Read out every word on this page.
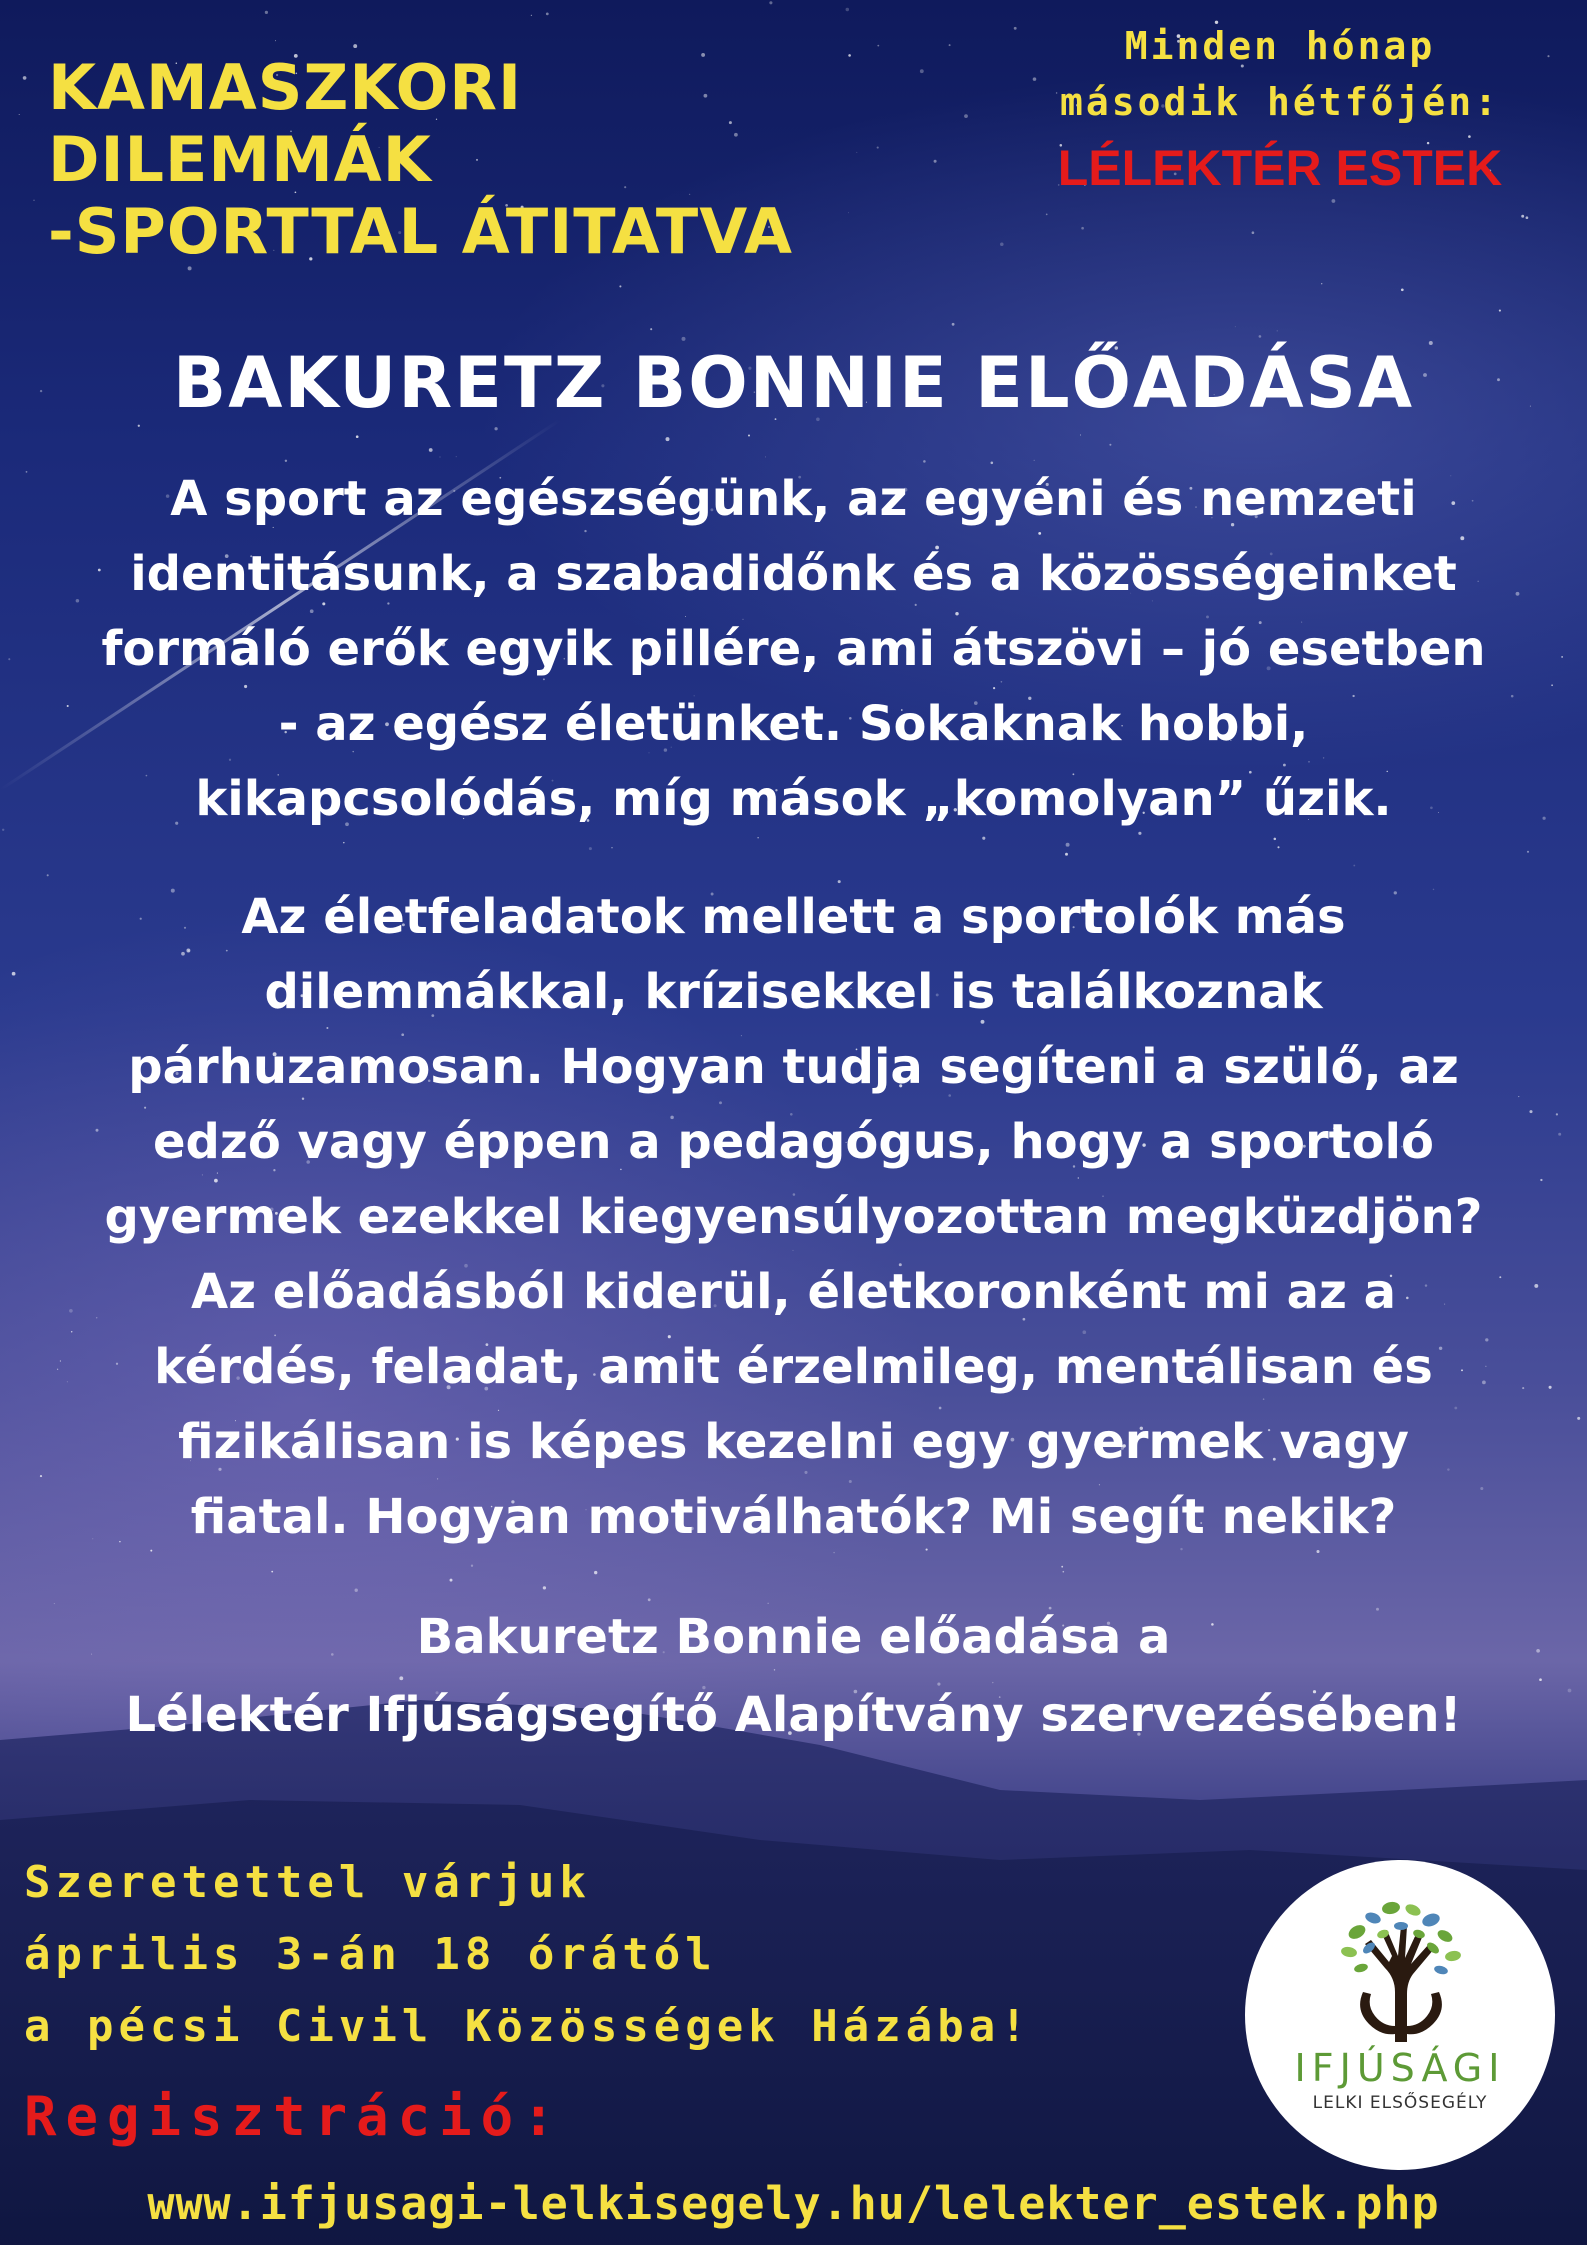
KAMASZKORI
DILEMMÁK
-SPORTTAL ÁTITATVA
Minden hónap
második hétfőjén:
LÉLEKTÉR ESTEK
BAKURETZ BONNIE ELŐADÁSA
A sport az egészségünk, az egyéni és nemzeti
identitásunk, a szabadidőnk és a közösségeinket
formáló erők egyik pillére, ami átszövi – jó esetben
- az egész életünket. Sokaknak hobbi,
kikapcsolódás, míg mások „komolyan” űzik.
Az életfeladatok mellett a sportolók más
dilemmákkal, krízisekkel is találkoznak
párhuzamosan. Hogyan tudja segíteni a szülő, az
edző vagy éppen a pedagógus, hogy a sportoló
gyermek ezekkel kiegyensúlyozottan megküzdjön?
Az előadásból kiderül, életkoronként mi az a
kérdés, feladat, amit érzelmileg, mentálisan és
fizikálisan is képes kezelni egy gyermek vagy
fiatal. Hogyan motiválhatók? Mi segít nekik?
Bakuretz Bonnie előadása a
Lélektér Ifjúságsegítő Alapítvány szervezésében!
Szeretettel várjuk
április 3-án 18 órától
a pécsi Civil Közösségek Házába!
Regisztráció:
www.ifjusagi-lelkisegely.hu/lelekter_estek.php
IFJÚSÁGI
LELKI ELSŐSEGÉLY
